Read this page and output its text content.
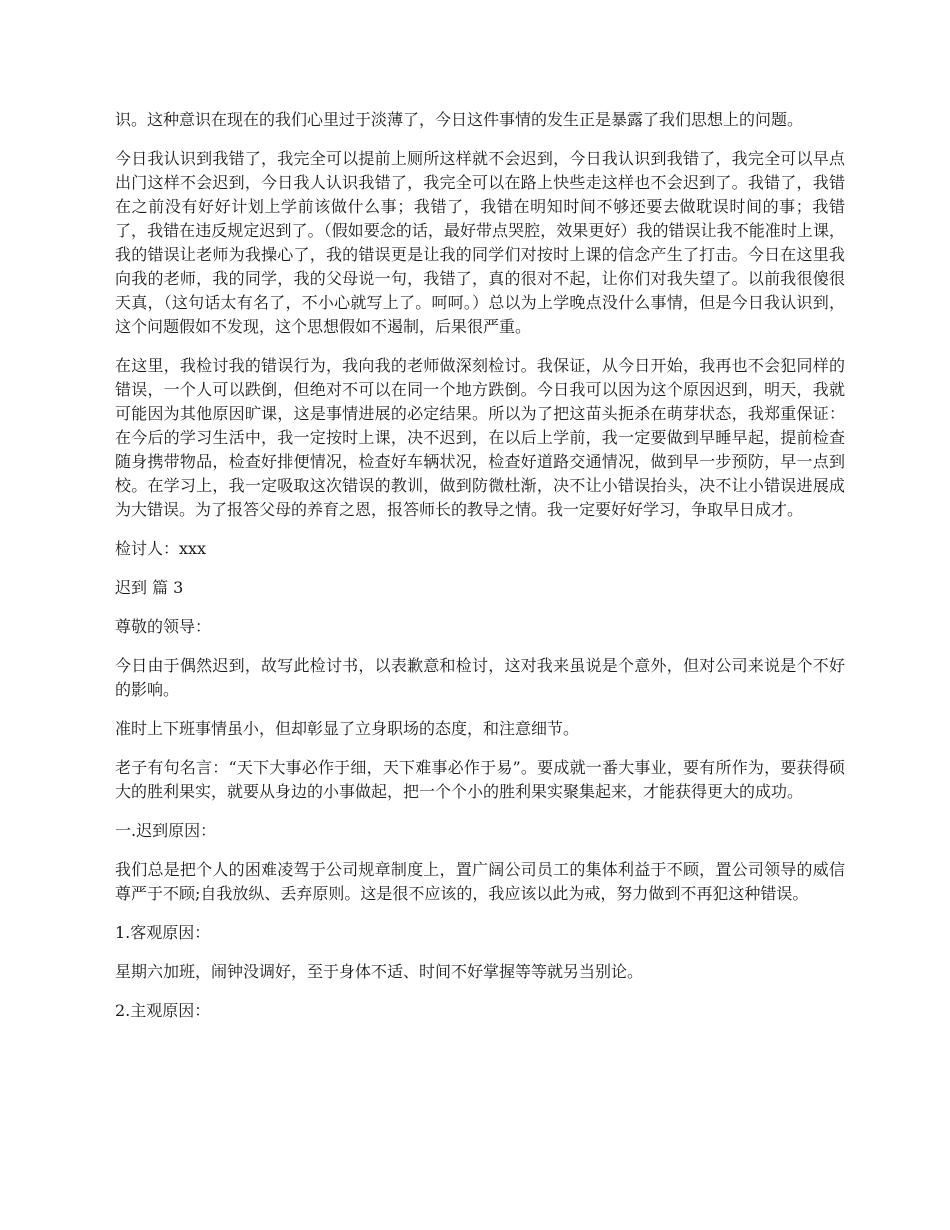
识。这种意识在现在的我们心里过于淡薄了，今日这件事情的发生正是暴露了我们思想上的问题。

今日我认识到我错了，我完全可以提前上厕所这样就不会迟到，今日我认识到我错了，我完全可以早点出门这样不会迟到，今日我人认识我错了，我完全可以在路上快些走这样也不会迟到了。我错了，我错在之前没有好好计划上学前该做什么事；我错了，我错在明知时间不够还要去做耽误时间的事；我错了，我错在违反规定迟到了。（假如要念的话，最好带点哭腔，效果更好）我的错误让我不能准时上课，我的错误让老师为我操心了，我的错误更是让我的同学们对按时上课的信念产生了打击。今日在这里我向我的老师，我的同学，我的父母说一句，我错了，真的很对不起，让你们对我失望了。以前我很傻很天真，（这句话太有名了，不小心就写上了。呵呵。）总以为上学晚点没什么事情，但是今日我认识到，这个问题假如不发现，这个思想假如不遏制，后果很严重。

在这里，我检讨我的错误行为，我向我的老师做深刻检讨。我保证，从今日开始，我再也不会犯同样的错误，一个人可以跌倒，但绝对不可以在同一个地方跌倒。今日我可以因为这个原因迟到，明天，我就可能因为其他原因旷课，这是事情进展的必定结果。所以为了把这苗头扼杀在萌芽状态，我郑重保证：在今后的学习生活中，我一定按时上课，决不迟到，在以后上学前，我一定要做到早睡早起，提前检查随身携带物品，检查好排便情况，检查好车辆状况，检查好道路交通情况，做到早一步预防，早一点到校。在学习上，我一定吸取这次错误的教训，做到防微杜渐，决不让小错误抬头，决不让小错误进展成为大错误。为了报答父母的养育之恩，报答师长的教导之情。我一定要好好学习，争取早日成才。

检讨人：xxx

迟到 篇 3

尊敬的领导：

今日由于偶然迟到，故写此检讨书，以表歉意和检讨，这对我来虽说是个意外，但对公司来说是个不好的影响。

准时上下班事情虽小，但却彰显了立身职场的态度，和注意细节。

老子有句名言：“天下大事必作于细，天下难事必作于易”。要成就一番大事业，要有所作为，要获得硕大的胜利果实，就要从身边的小事做起，把一个个小的胜利果实聚集起来，才能获得更大的成功。

一.迟到原因：

我们总是把个人的困难凌驾于公司规章制度上，置广阔公司员工的集体利益于不顾，置公司领导的威信尊严于不顾;自我放纵、丢弃原则。这是很不应该的，我应该以此为戒，努力做到不再犯这种错误。

1.客观原因：

星期六加班，闹钟没调好，至于身体不适、时间不好掌握等等就另当别论。

2.主观原因：
